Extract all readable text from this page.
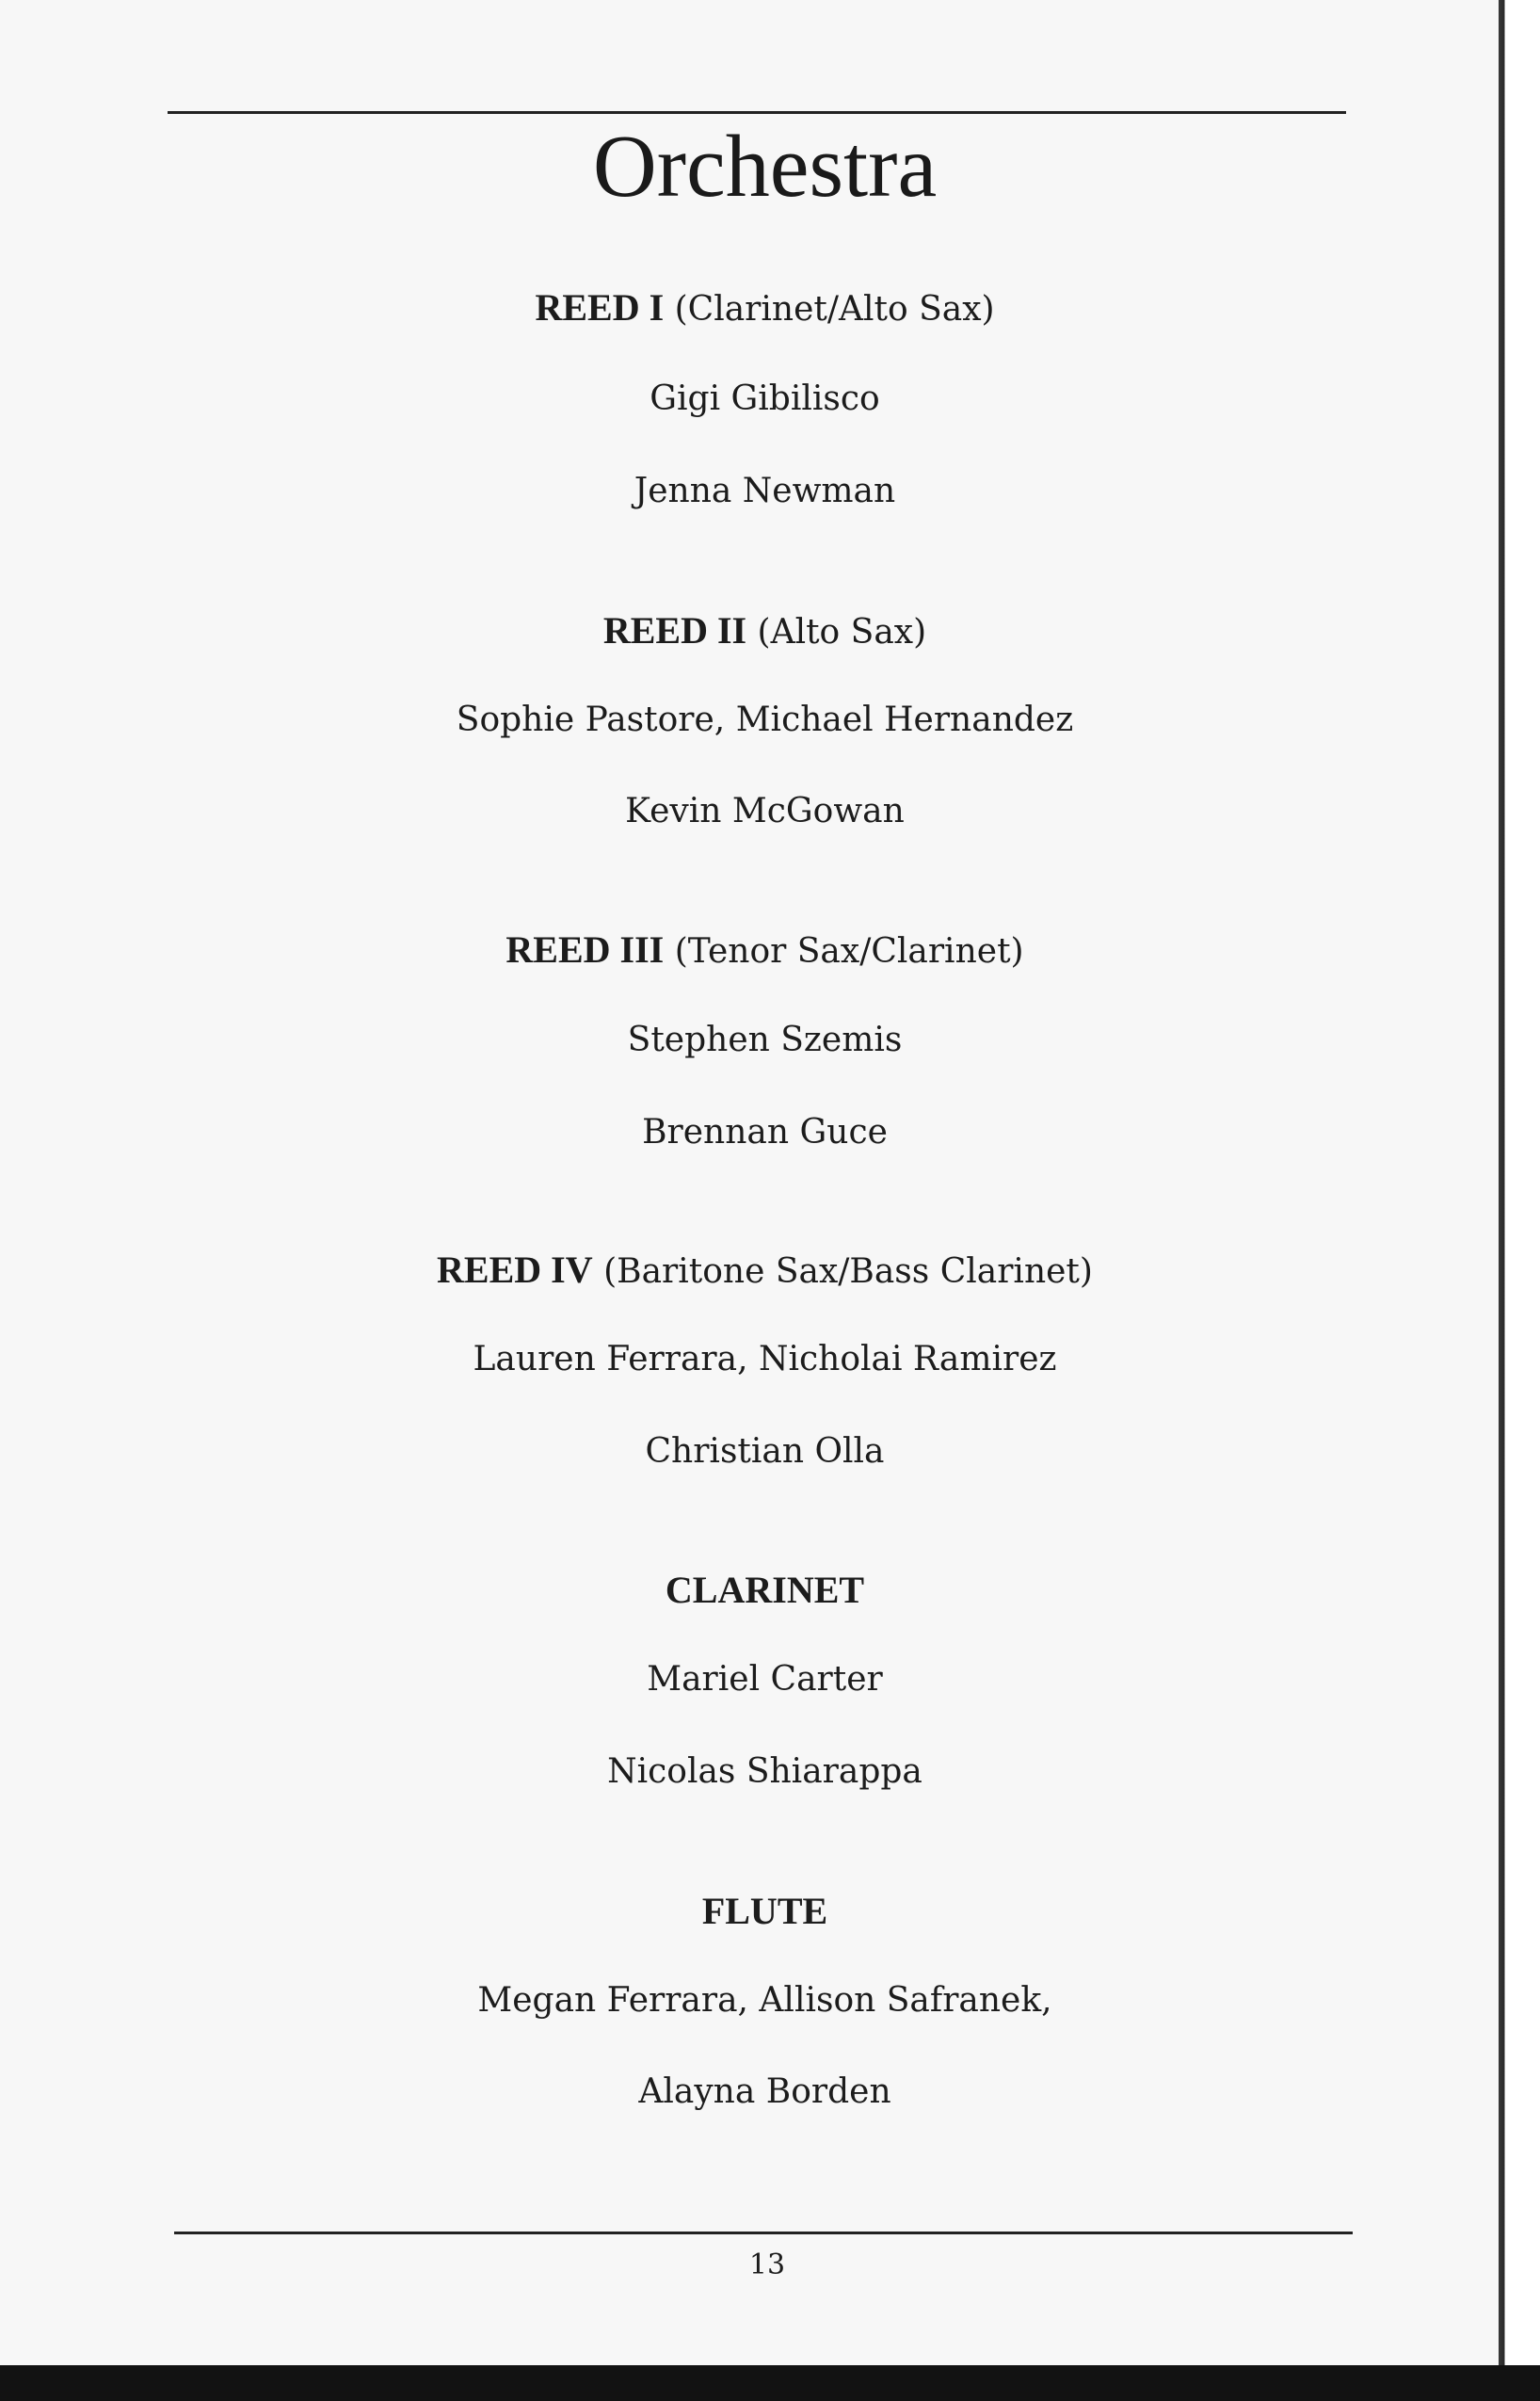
Orchestra
REED I (Clarinet/Alto Sax)
Gigi Gibilisco
Jenna Newman
REED II (Alto Sax)
Sophie Pastore, Michael Hernandez
Kevin McGowan
REED III (Tenor Sax/Clarinet)
Stephen Szemis
Brennan Guce
REED IV (Baritone Sax/Bass Clarinet)
Lauren Ferrara, Nicholai Ramirez
Christian Olla
CLARINET
Mariel Carter
Nicolas Shiarappa
FLUTE
Megan Ferrara, Allison Safranek,
Alayna Borden
13
